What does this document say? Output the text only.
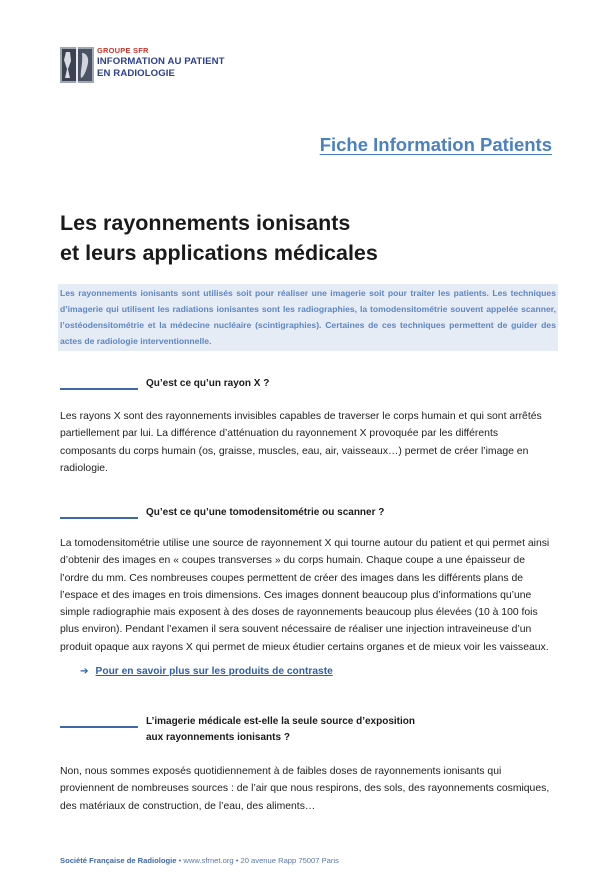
GROUPE SFR
INFORMATION AU PATIENT
EN RADIOLOGIE
Fiche Information Patients
Les rayonnements ionisants
et leurs applications médicales
Les rayonnements ionisants sont utilisés soit pour réaliser une imagerie soit pour traiter les patients. Les techniques d’imagerie qui utilisent les radiations ionisantes sont les radiographies, la tomodensitométrie souvent appelée scanner, l’ostéodensitométrie et la médecine nucléaire (scintigraphies). Certaines de ces techniques permettent de guider des actes de radiologie interventionnelle.
Qu’est ce qu’un rayon X ?
Les rayons X sont des rayonnements invisibles capables de traverser le corps humain et qui sont arrêtés partiellement par lui. La différence d’atténuation du rayonnement X provoquée par les différents composants du corps humain (os, graisse, muscles, eau, air, vaisseaux…) permet de créer l’image en radiologie.
Qu’est ce qu’une tomodensitométrie ou scanner ?
La tomodensitométrie utilise une source de rayonnement X qui tourne autour du patient et qui permet ainsi d’obtenir des images en « coupes transverses » du corps humain. Chaque coupe a une épaisseur de l’ordre du mm. Ces nombreuses coupes permettent de créer des images dans les différents plans de l’espace et des images en trois dimensions. Ces images donnent beaucoup plus d’informations qu’une simple radiographie mais exposent à des doses de rayonnements beaucoup plus élevées (10 à 100 fois plus environ). Pendant l’examen il sera souvent nécessaire de réaliser une injection intraveineuse d’un produit opaque aux rayons X qui permet de mieux étudier certains organes et de mieux voir les vaisseaux.
➔ Pour en savoir plus sur les produits de contraste
L’imagerie médicale est-elle la seule source d’exposition
aux rayonnements ionisants ?
Non, nous sommes exposés quotidiennement à de faibles doses de rayonnements ionisants qui proviennent de nombreuses sources : de l’air que nous respirons, des sols, des rayonnements cosmiques, des matériaux de construction, de l’eau, des aliments…
Société Française de Radiologie • www.sfrnet.org • 20 avenue Rapp 75007 Paris
